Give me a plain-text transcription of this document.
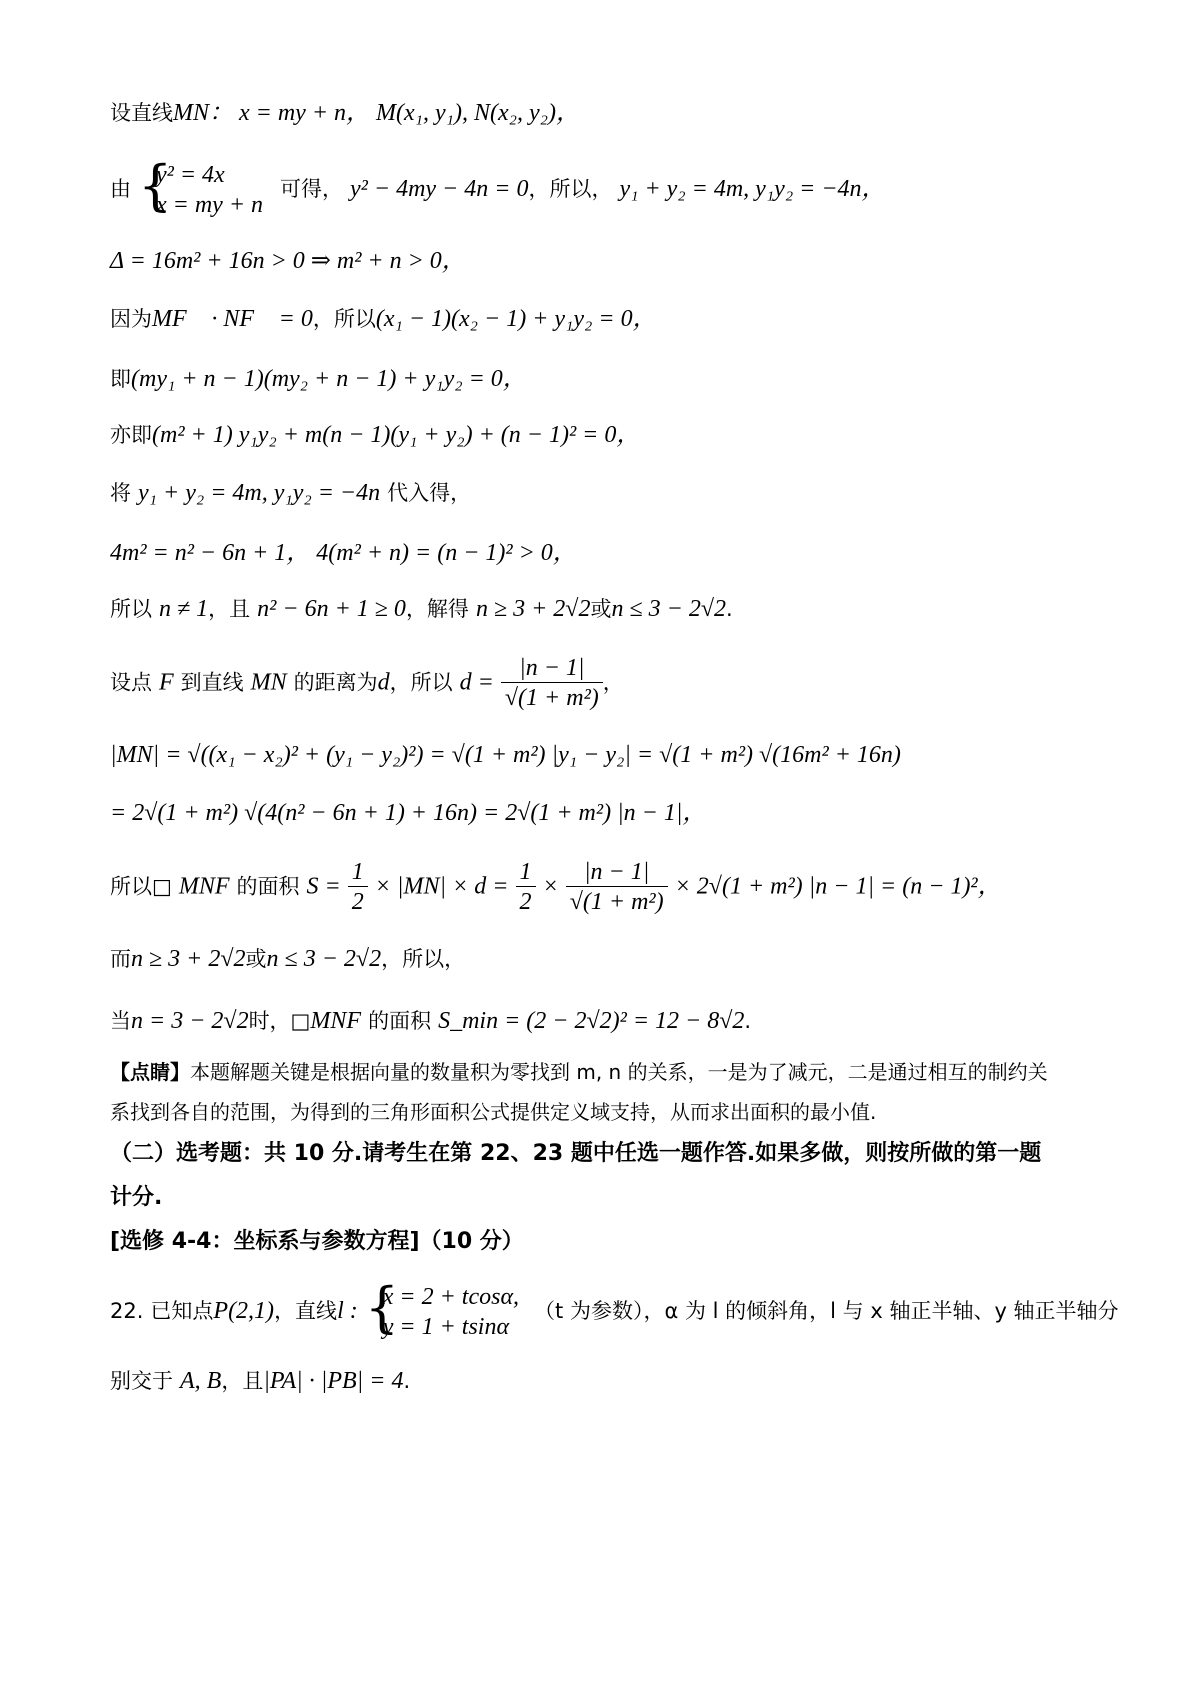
设直线MN： x = my + n， M(x₁, y₁), N(x₂, y₂)，
由 {
y² = 4x
x = my + n
可得， y² − 4my − 4n = 0，所以， y₁ + y₂ = 4m, y₁y₂ = −4n，
Δ = 16m² + 16n > 0 ⇒ m² + n > 0，
因为MF⃗ · NF⃗ = 0，所以(x₁ − 1)(x₂ − 1) + y₁y₂ = 0，
即(my₁ + n − 1)(my₂ + n − 1) + y₁y₂ = 0，
亦即(m² + 1) y₁y₂ + m(n − 1)(y₁ + y₂) + (n − 1)² = 0，
将 y₁ + y₂ = 4m, y₁y₂ = −4n 代入得，
4m² = n² − 6n + 1， 4(m² + n) = (n − 1)² > 0，
所以 n ≠ 1，且 n² − 6n + 1 ≥ 0，解得 n ≥ 3 + 2√2或n ≤ 3 − 2√2.
设点 F 到直线 MN 的距离为d，所以 $d = \frac{|n - 1|}{\text{√(1 + m²)}}$ ，
|MN| = √((x₁ − x₂)² + (y₁ − y₂)²) = √(1 + m²) |y₁ − y₂| = √(1 + m²) √(16m² + 16n)
= 2√(1 + m²) √(4(n² − 6n + 1) + 16n) = 2√(1 + m²) |n − 1|，
所以□ MNF 的面积 $S = \frac{1}{2} \times |MN| \times d = \frac{1}{2} \times \frac{|n - 1|}{\text{√(1 + m²)}} \times 2√(1 + m^2) |n - 1| = (n - 1)^2$，
而n ≥ 3 + 2√2或n ≤ 3 − 2√2，所以，
当n = 3 − 2√2时，□MNF 的面积 S_min = (2 − 2√2)² = 12 − 8√2.
【点睛】本题解题关键是根据向量的数量积为零找到 m, n 的关系，一是为了减元，二是通过相互的制约关
系找到各自的范围，为得到的三角形面积公式提供定义域支持，从而求出面积的最小值.
（二）选考题：共 10 分.请考生在第 22、23 题中任选一题作答.如果多做，则按所做的第一题
计分.
[选修 4-4：坐标系与参数方程]（10 分）
22. 已知点P(2,1)，直线l : {
x = 2 + tcosα,
y = 1 + tsinα
（t 为参数），α 为 l 的倾斜角，l 与 x 轴正半轴、y 轴正半轴分
别交于 A, B，且|PA| · |PB| = 4.
